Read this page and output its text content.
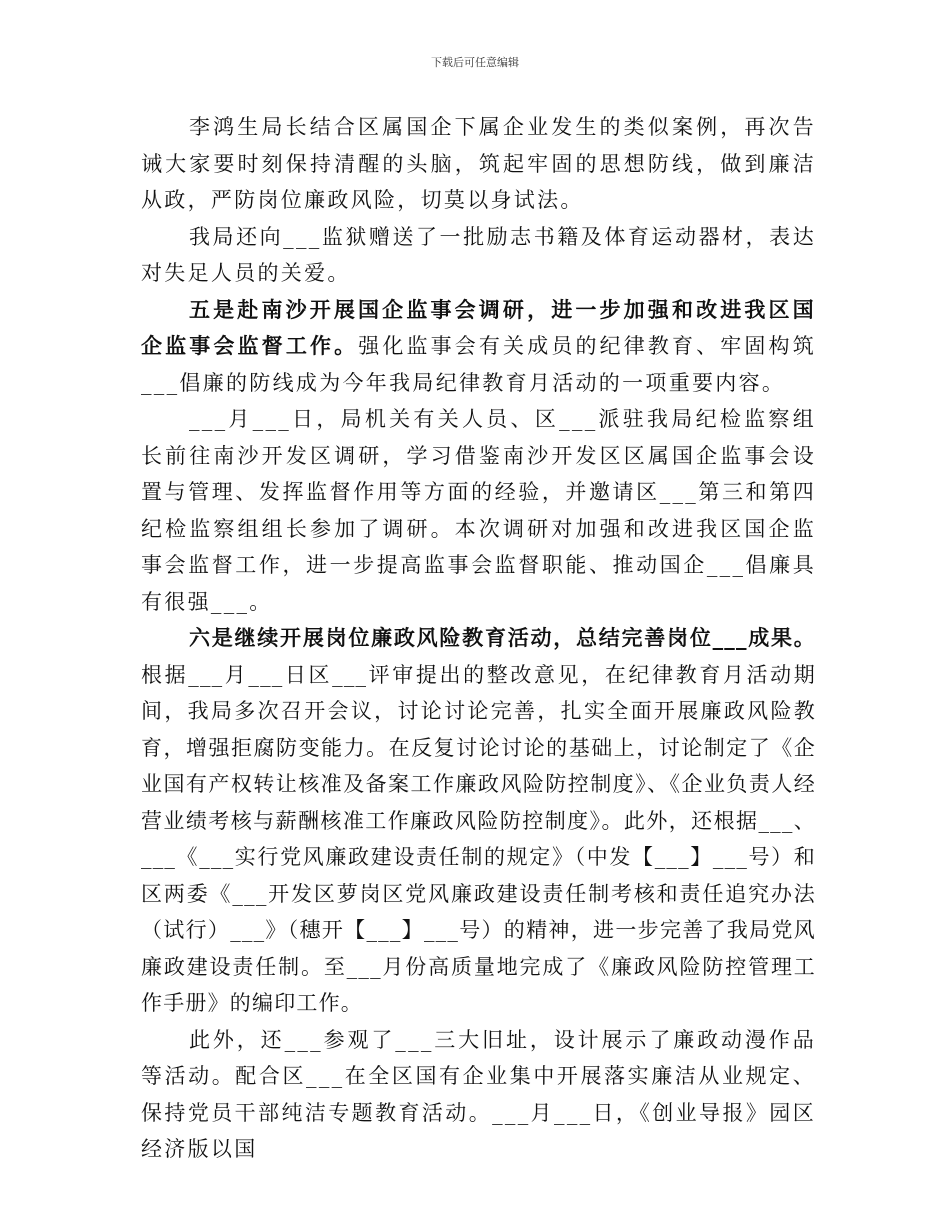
下载后可任意编辑

李鸿生局长结合区属国企下属企业发生的类似案例，再次告诫大家要时刻保持清醒的头脑，筑起牢固的思想防线，做到廉洁从政，严防岗位廉政风险，切莫以身试法。

我局还向___监狱赠送了一批励志书籍及体育运动器材，表达对失足人员的关爱。

五是赴南沙开展国企监事会调研，进一步加强和改进我区国企监事会监督工作。强化监事会有关成员的纪律教育、牢固构筑___倡廉的防线成为今年我局纪律教育月活动的一项重要内容。

___月___日，局机关有关人员、区___派驻我局纪检监察组长前往南沙开发区调研，学习借鉴南沙开发区区属国企监事会设置与管理、发挥监督作用等方面的经验，并邀请区___第三和第四纪检监察组组长参加了调研。本次调研对加强和改进我区国企监事会监督工作，进一步提高监事会监督职能、推动国企___倡廉具有很强___。

六是继续开展岗位廉政风险教育活动，总结完善岗位___成果。根据___月___日区___评审提出的整改意见，在纪律教育月活动期间，我局多次召开会议，讨论讨论完善，扎实全面开展廉政风险教育，增强拒腐防变能力。在反复讨论讨论的基础上，讨论制定了《企业国有产权转让核准及备案工作廉政风险防控制度》、《企业负责人经营业绩考核与薪酬核准工作廉政风险防控制度》。此外，还根据___、___《___实行党风廉政建设责任制的规定》（中发【___】___号）和区两委《___开发区萝岗区党风廉政建设责任制考核和责任追究办法（试行）___》（穗开【___】___号）的精神，进一步完善了我局党风廉政建设责任制。至___月份高质量地完成了《廉政风险防控管理工作手册》的编印工作。

此外，还___参观了___三大旧址，设计展示了廉政动漫作品等活动。配合区___在全区国有企业集中开展落实廉洁从业规定、保持党员干部纯洁专题教育活动。___月___日，《创业导报》园区经济版以国
